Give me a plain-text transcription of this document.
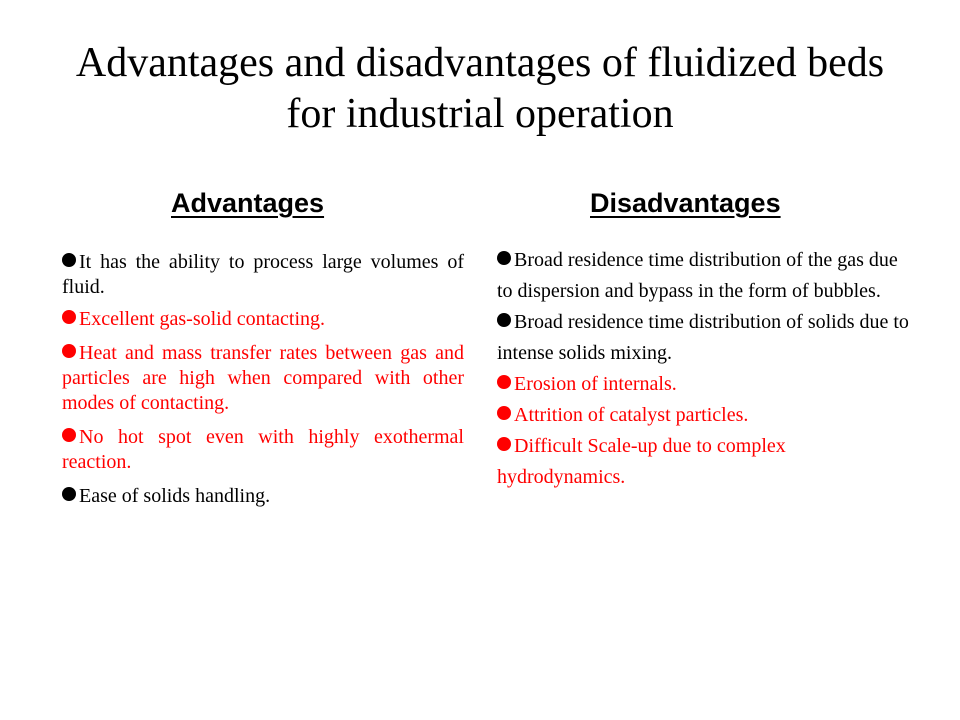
Advantages and disadvantages of fluidized beds
for industrial operation
Advantages	Disadvantages
It has the ability to process large volumes of fluid.
Excellent gas-solid contacting.
Heat and mass transfer rates between gas and particles are high when compared with other modes of contacting.
No hot spot even with highly exothermal reaction.
Ease of solids handling.
Broad residence time distribution of the gas due to dispersion and bypass in the form of bubbles.
Broad residence time distribution of solids due to intense solids mixing.
Erosion of internals.
Attrition of catalyst particles.
Difficult Scale-up due to complex hydrodynamics.
